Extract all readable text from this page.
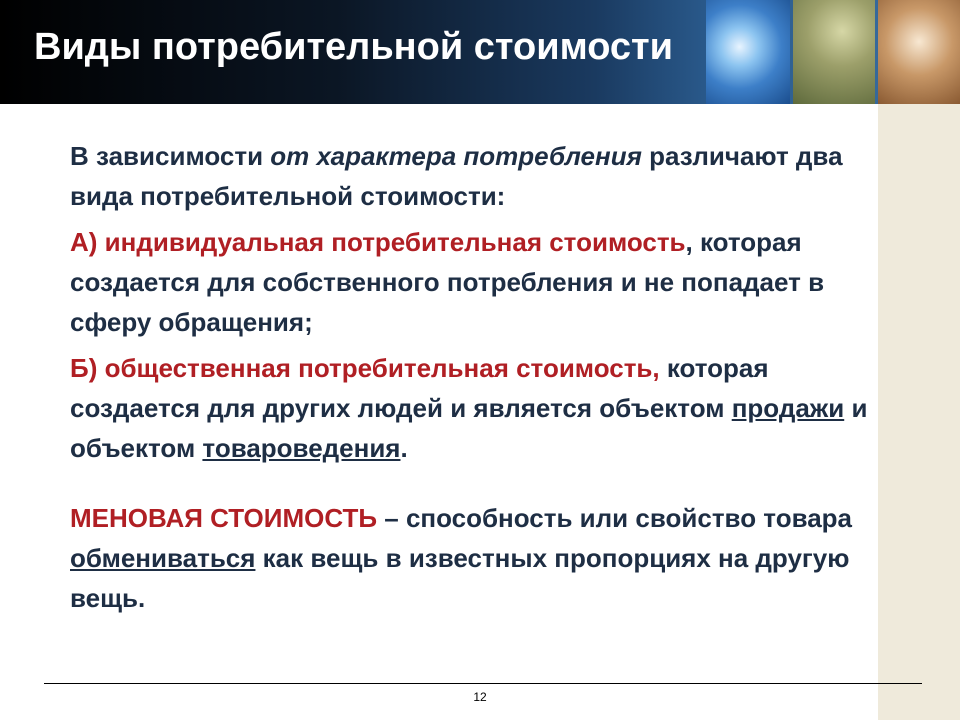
Виды потребительной стоимости

В зависимости от характера потребления различают два вида потребительной стоимости:

А) индивидуальная потребительная стоимость, которая создается для собственного потребления и не попадает в сферу обращения;

Б) общественная потребительная стоимость, которая создается для других людей и является объектом продажи и объектом товароведения.

МЕНОВАЯ СТОИМОСТЬ – способность или свойство товара обмениваться как вещь в известных пропорциях на другую вещь.

12
